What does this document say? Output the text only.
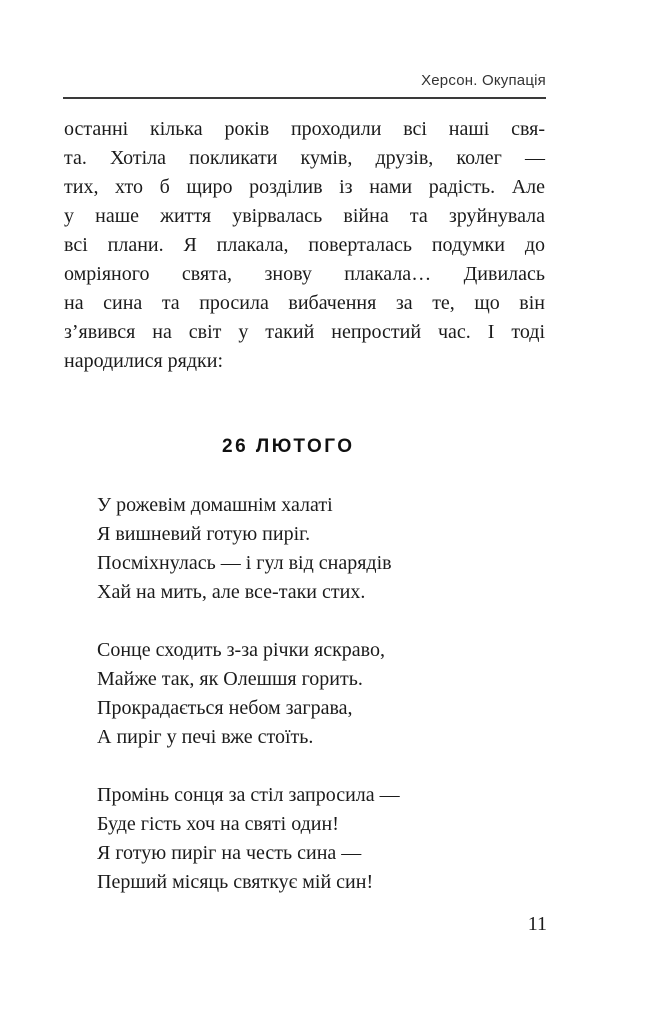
Херсон. Окупація
останні кілька років проходили всі наші свя-
та. Хотіла покликати кумів, друзів, колег —
тих, хто б щиро розділив із нами радість. Але
у наше життя увірвалась війна та зруйнувала
всі плани. Я плакала, поверталась подумки до
омріяного свята, знову плакала… Дивилась
на сина та просила вибачення за те, що він
з’явився на світ у такий непростий час. І тоді
народилися рядки:
26 ЛЮТОГО
У рожевім домашнім халаті
Я вишневий готую пиріг.
Посміхнулась — і гул від снарядів
Хай на мить, але все-таки стих.
Сонце сходить з-за річки яскраво,
Майже так, як Олешшя горить.
Прокрадається небом заграва,
А пиріг у печі вже стоїть.
Промінь сонця за стіл запросила —
Буде гість хоч на святі один!
Я готую пиріг на честь сина —
Перший місяць святкує мій син!
11
